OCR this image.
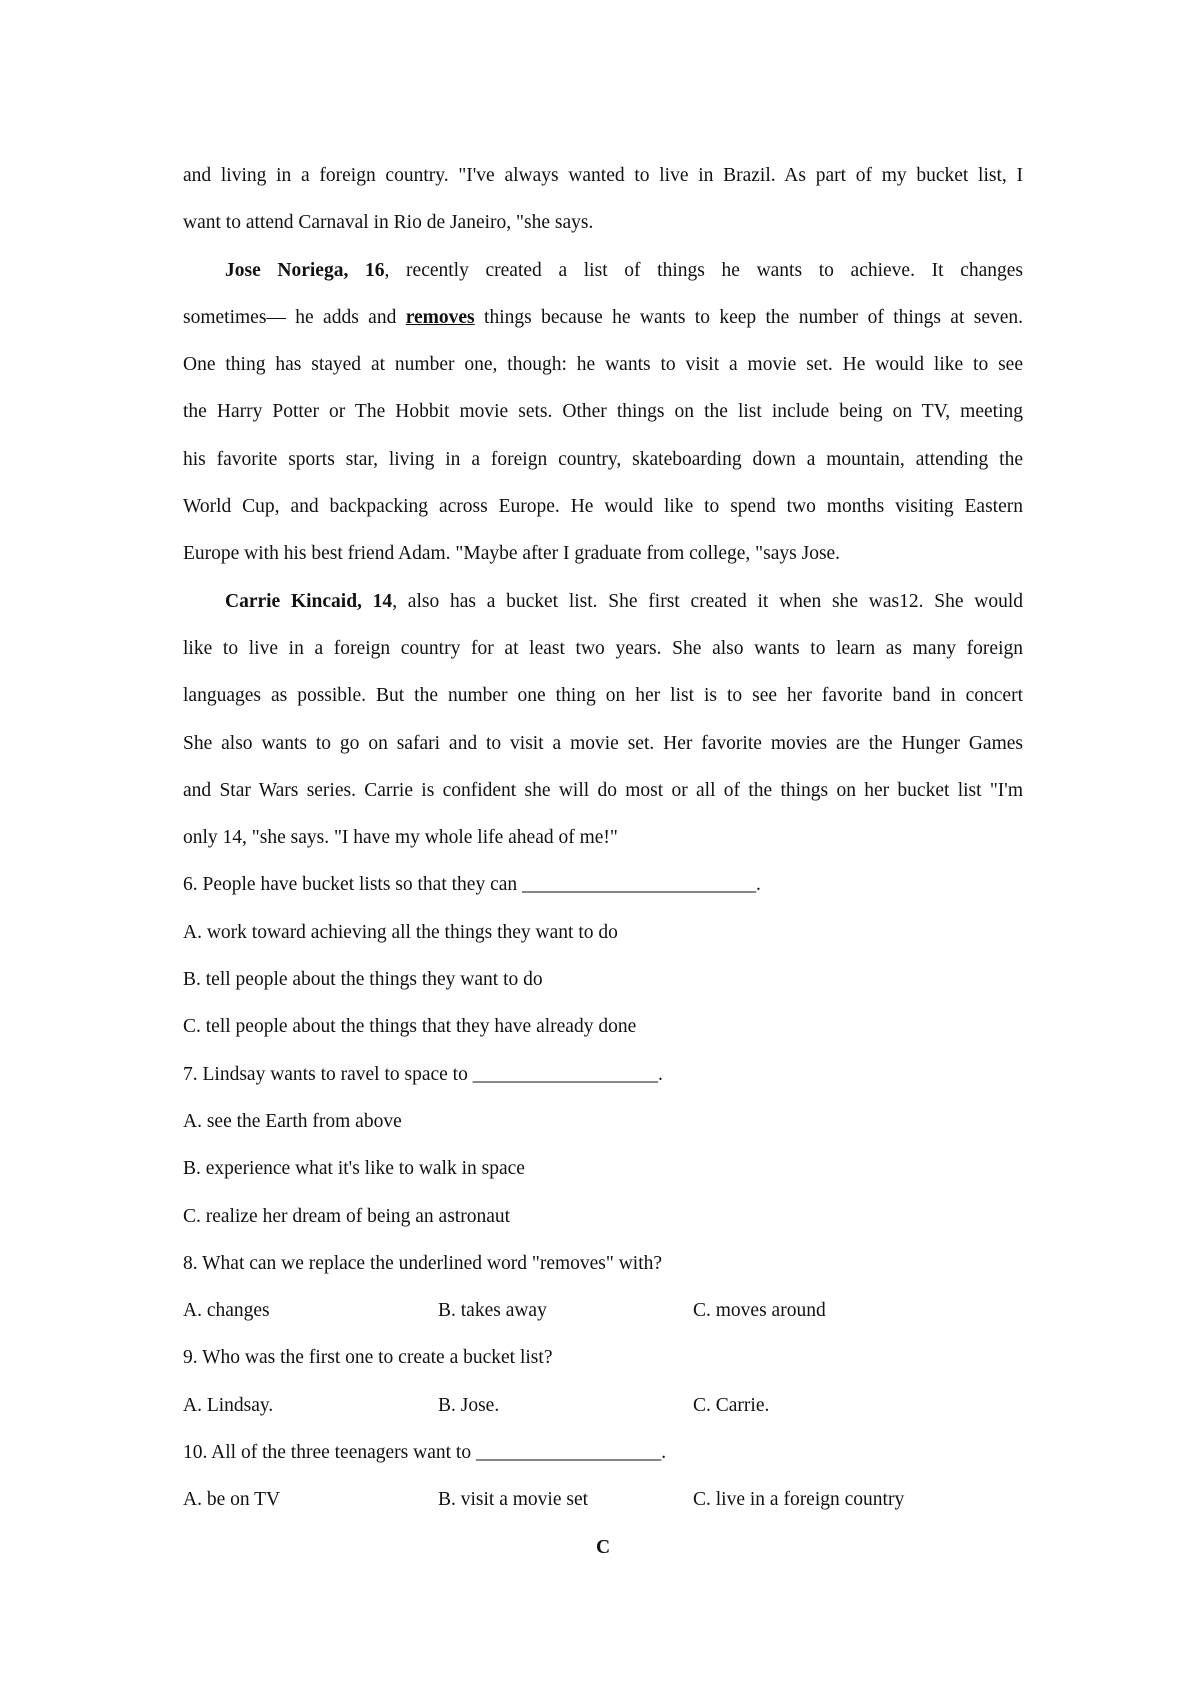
and living in a foreign country. "I've always wanted to live in Brazil. As part of my bucket list, I
want to attend Carnaval in Rio de Janeiro, "she says.
Jose Noriega, 16, recently created a list of things he wants to achieve. It changes
sometimes— he adds and removes things because he wants to keep the number of things at seven.
One thing has stayed at number one, though: he wants to visit a movie set. He would like to see
the Harry Potter or The Hobbit movie sets. Other things on the list include being on TV, meeting
his favorite sports star, living in a foreign country, skateboarding down a mountain, attending the
World Cup, and backpacking across Europe. He would like to spend two months visiting Eastern
Europe with his best friend Adam. "Maybe after I graduate from college, "says Jose.
Carrie Kincaid, 14, also has a bucket list. She first created it when she was12. She would
like to live in a foreign country for at least two years. She also wants to learn as many foreign
languages as possible. But the number one thing on her list is to see her favorite band in concert
She also wants to go on safari and to visit a movie set. Her favorite movies are the Hunger Games
and Star Wars series. Carrie is confident she will do most or all of the things on her bucket list "I'm
only 14, "she says. "I have my whole life ahead of me!"
6. People have bucket lists so that they can ________________________.
A. work toward achieving all the things they want to do
B. tell people about the things they want to do
C. tell people about the things that they have already done
7. Lindsay wants to ravel to space to ___________________.
A. see the Earth from above
B. experience what it's like to walk in space
C. realize her dream of being an astronaut
8. What can we replace the underlined word "removes" with?
A. changes	B. takes away	C. moves around
9. Who was the first one to create a bucket list?
A. Lindsay.	B. Jose.	C. Carrie.
10. All of the three teenagers want to ___________________.
A. be on TV	B. visit a movie set	C. live in a foreign country
C
